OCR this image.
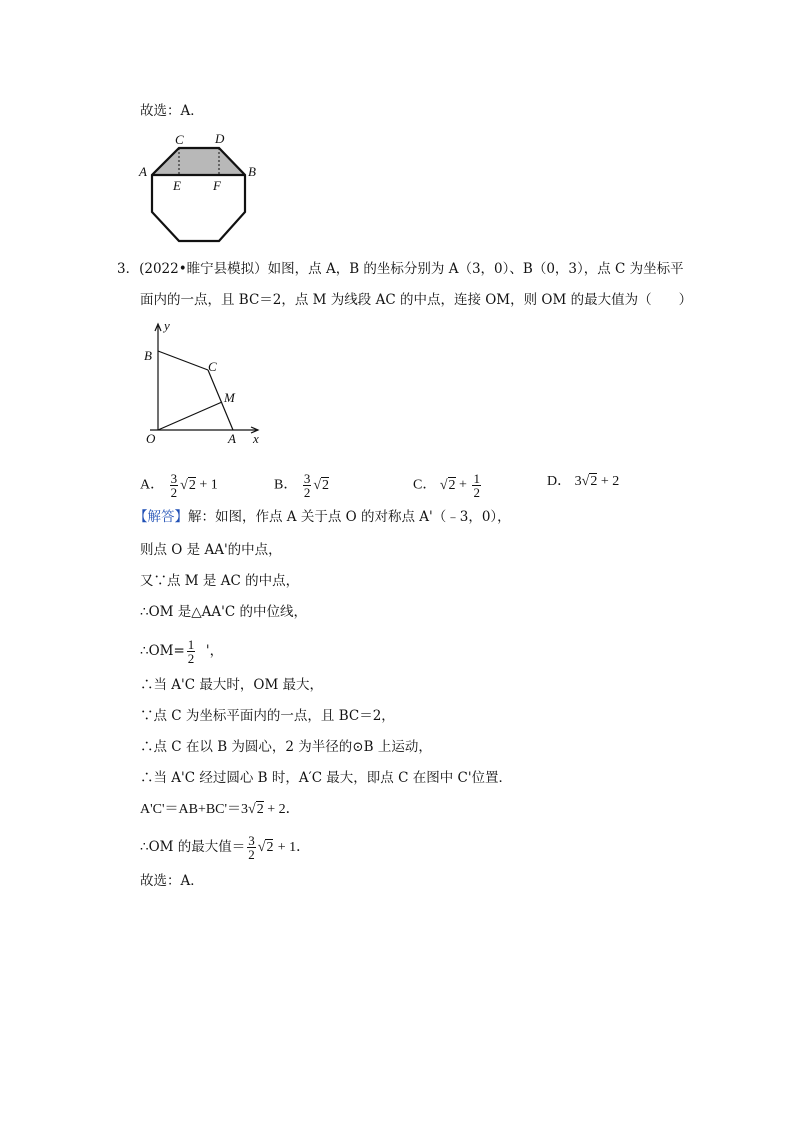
故选：A．
C D
A	B
E F
3．(2022•睢宁县模拟）如图，点 A，B 的坐标分别为 A（3，0）、B（0，3），点 C 为坐标平
面内的一点，且 BC＝2，点 M 为线段 AC 的中点，连接 OM，则 OM 的最大值为（　　）
y
B
C
M
O	A x
A． $\frac{3}{2} √2 + 1$	B． $\frac{3}{2} √2$	C． $√2 + \frac{1}{2}$	D． 3√2 + 2
【解答】解：如图，作点 A 关于点 O 的对称点 A'（﹣3，0），
则点 O 是 AA'的中点，
又∵点 M 是 AC 的中点，
∴OM 是△AA'C 的中位线，
∴OM= $\frac{1}{2}$ '，
∴当 A'C 最大时，OM 最大，
∵点 C 为坐标平面内的一点，且 BC＝2，
∴点 C 在以 B 为圆心，2 为半径的⊙B 上运动，
∴当 A'C 经过圆心 B 时，A′C 最大，即点 C 在图中 C'位置．
A'C'＝AB+BC'＝3√2 + 2．
∴OM 的最大值＝ $\frac{3}{2} √2 + 1$．
故选：A．
